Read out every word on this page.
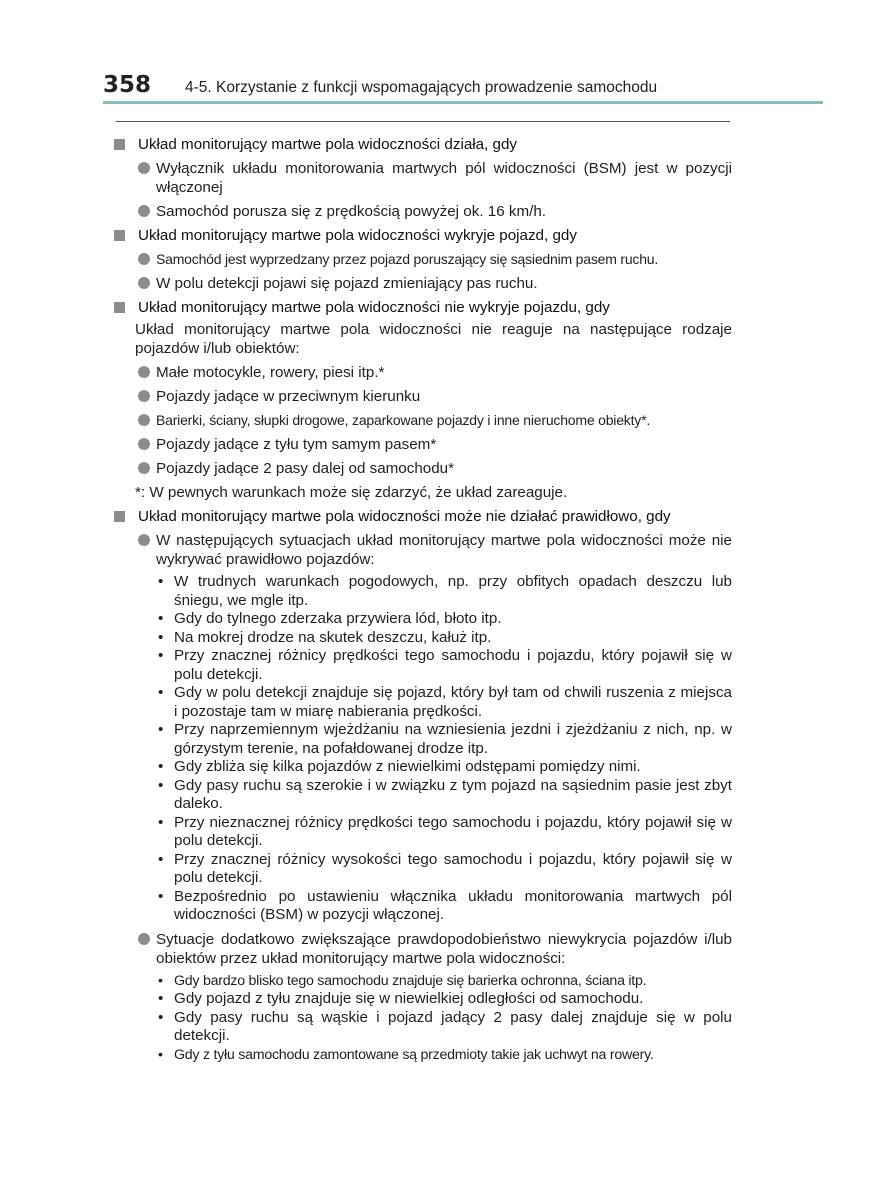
358 4-5. Korzystanie z funkcji wspomagających prowadzenie samochodu
Układ monitorujący martwe pola widoczności działa, gdy
Wyłącznik układu monitorowania martwych pól widoczności (BSM) jest w pozycji włączonej
Samochód porusza się z prędkością powyżej ok. 16 km/h.
Układ monitorujący martwe pola widoczności wykryje pojazd, gdy
Samochód jest wyprzedzany przez pojazd poruszający się sąsiednim pasem ruchu.
W polu detekcji pojawi się pojazd zmieniający pas ruchu.
Układ monitorujący martwe pola widoczności nie wykryje pojazdu, gdy
Układ monitorujący martwe pola widoczności nie reaguje na następujące rodzaje pojazdów i/lub obiektów:
Małe motocykle, rowery, piesi itp.*
Pojazdy jadące w przeciwnym kierunku
Barierki, ściany, słupki drogowe, zaparkowane pojazdy i inne nieruchome obiekty*.
Pojazdy jadące z tyłu tym samym pasem*
Pojazdy jadące 2 pasy dalej od samochodu*
*: W pewnych warunkach może się zdarzyć, że układ zareaguje.
Układ monitorujący martwe pola widoczności może nie działać prawidłowo, gdy
W następujących sytuacjach układ monitorujący martwe pola widoczności może nie wykrywać prawidłowo pojazdów:
• W trudnych warunkach pogodowych, np. przy obfitych opadach deszczu lub śniegu, we mgle itp.
• Gdy do tylnego zderzaka przywiera lód, błoto itp.
• Na mokrej drodze na skutek deszczu, kałuż itp.
• Przy znacznej różnicy prędkości tego samochodu i pojazdu, który pojawił się w polu detekcji.
• Gdy w polu detekcji znajduje się pojazd, który był tam od chwili ruszenia z miejsca i pozostaje tam w miarę nabierania prędkości.
• Przy naprzemiennym wjeżdżaniu na wzniesienia jezdni i zjeżdżaniu z nich, np. w górzystym terenie, na pofałdowanej drodze itp.
• Gdy zbliża się kilka pojazdów z niewielkimi odstępami pomiędzy nimi.
• Gdy pasy ruchu są szerokie i w związku z tym pojazd na sąsiednim pasie jest zbyt daleko.
• Przy nieznacznej różnicy prędkości tego samochodu i pojazdu, który pojawił się w polu detekcji.
• Przy znacznej różnicy wysokości tego samochodu i pojazdu, który pojawił się w polu detekcji.
• Bezpośrednio po ustawieniu włącznika układu monitorowania martwych pól widoczności (BSM) w pozycji włączonej.
Sytuacje dodatkowo zwiększające prawdopodobieństwo niewykrycia pojazdów i/lub obiektów przez układ monitorujący martwe pola widoczności:
• Gdy bardzo blisko tego samochodu znajduje się barierka ochronna, ściana itp.
• Gdy pojazd z tyłu znajduje się w niewielkiej odległości od samochodu.
• Gdy pasy ruchu są wąskie i pojazd jadący 2 pasy dalej znajduje się w polu detekcji.
• Gdy z tyłu samochodu zamontowane są przedmioty takie jak uchwyt na rowery.
